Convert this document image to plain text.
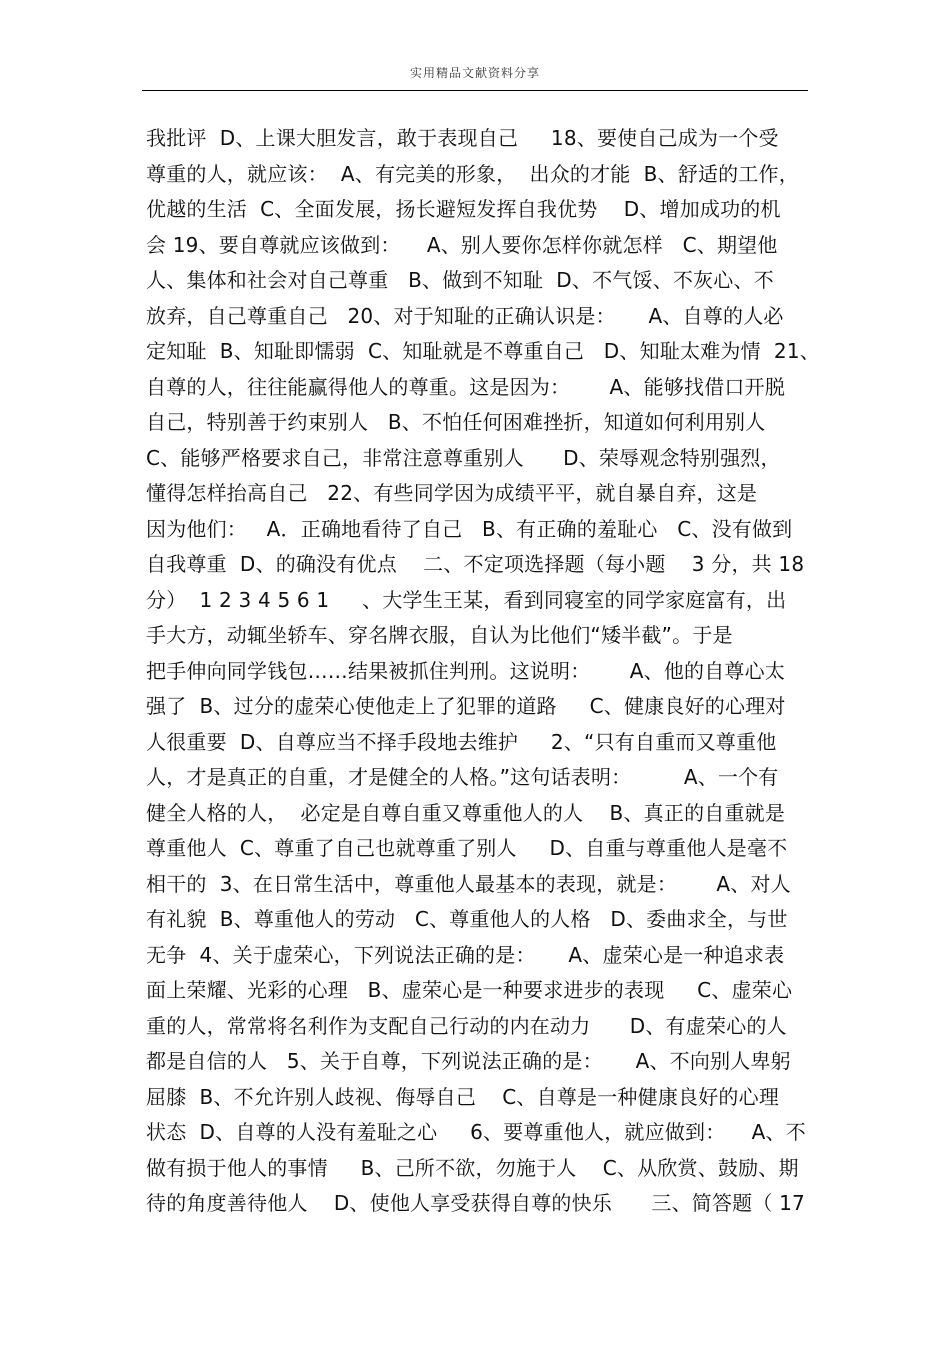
实用精品文献资料分享
我批评  D、上课大胆发言，敢于表现自己     18、要使自己成为一个受
尊重的人，就应该：  A、有完美的形象，  出众的才能  B、舒适的工作，
优越的生活  C、全面发展，扬长避短发挥自我优势    D、增加成功的机
会 19、要自尊就应该做到：    A、别人要你怎样你就怎样   C、期望他
人、集体和社会对自己尊重   B、做到不知耻  D、不气馁、不灰心、不
放弃，自己尊重自己   20、对于知耻的正确认识是：     A、自尊的人必
定知耻  B、知耻即懦弱  C、知耻就是不尊重自己   D、知耻太难为情  21、
自尊的人，往往能赢得他人的尊重。这是因为：      A、能够找借口开脱
自己，特别善于约束别人   B、不怕任何困难挫折，知道如何利用别人
C、能够严格要求自己，非常注意尊重别人      D、荣辱观念特别强烈，
懂得怎样抬高自己   22、有些同学因为成绩平平，就自暴自弃，这是
因为他们：   A．正确地看待了自己   B、有正确的羞耻心   C、没有做到
自我尊重  D、的确没有优点    二、不定项选择题（每小题    3 分，共 18
分）  1 2 3 4 5 6 1     、大学生王某，看到同寝室的同学家庭富有，出
手大方，动辄坐轿车、穿名牌衣服，自认为比他们“矮半截”。于是
把手伸向同学钱包……结果被抓住判刑。这说明：      A、他的自尊心太
强了  B、过分的虚荣心使他走上了犯罪的道路     C、健康良好的心理对
人很重要  D、自尊应当不择手段地去维护     2、“只有自重而又尊重他
人，才是真正的自重，才是健全的人格。”这句话表明：        A、一个有
健全人格的人，  必定是自尊自重又尊重他人的人    B、真正的自重就是
尊重他人  C、尊重了自己也就尊重了别人     D、自重与尊重他人是毫不
相干的  3、在日常生活中，尊重他人最基本的表现，就是：      A、对人
有礼貌  B、尊重他人的劳动   C、尊重他人的人格   D、委曲求全，与世
无争  4、关于虚荣心，下列说法正确的是：     A、虚荣心是一种追求表
面上荣耀、光彩的心理   B、虚荣心是一种要求进步的表现     C、虚荣心
重的人，常常将名利作为支配自己行动的内在动力      D、有虚荣心的人
都是自信的人   5、关于自尊，下列说法正确的是：     A、不向别人卑躬
屈膝  B、不允许别人歧视、侮辱自己    C、自尊是一种健康良好的心理
状态  D、自尊的人没有羞耻之心     6、要尊重他人，就应做到：    A、不
做有损于他人的事情     B、己所不欲，勿施于人    C、从欣赏、鼓励、期
待的角度善待他人    D、使他人享受获得自尊的快乐      三、简答题（ 17
